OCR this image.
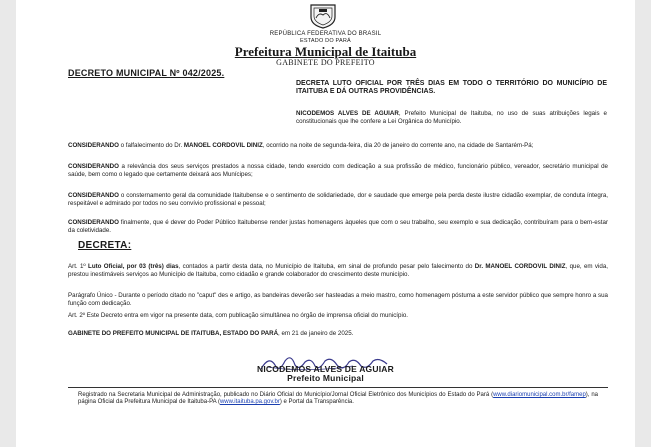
REPÚBLICA FEDERATIVA DO BRASIL
ESTADO DO PARÁ
Prefeitura Municipal de Itaituba
GABINETE DO PREFEITO
DECRETO MUNICIPAL Nº 042/2025.
DECRETA LUTO OFICIAL POR TRÊS DIAS EM TODO O TERRITÓRIO DO MUNICÍPIO DE ITAITUBA E DÁ OUTRAS PROVIDÊNCIAS.
NICODEMOS ALVES DE AGUIAR, Prefeito Municipal de Itaituba, no uso de suas atribuições legais e constitucionais que lhe confere a Lei Orgânica do Município.
CONSIDERANDO o falfalecimento do Dr. MANOEL CORDOVIL DINIZ, ocorrido na noite de segunda-feira, dia 20 de janeiro do corrente ano, na cidade de Santarém-Pá;
CONSIDERANDO a relevância dos seus serviços prestados a nossa cidade, tendo exercido com dedicação a sua profissão de médico, funcionário público, vereador, secretário municipal de saúde, bem como o legado que certamente deixará aos Munícipes;
CONSIDERANDO o consternamento geral da comunidade Itaitubense e o sentimento de solidariedade, dor e saudade que emerge pela perda deste ilustre cidadão exemplar, de conduta íntegra, respeitável e admirado por todos no seu convívio profissional e pessoal;
CONSIDERANDO finalmente, que é dever do Poder Público Itaitubense render justas homenagens àqueles que com o seu trabalho, seu exemplo e sua dedicação, contribuíram para o bem-estar da coletividade.
DECRETA:
Art. 1º Luto Oficial, por 03 (três) dias, contados a partir desta data, no Município de Itaituba, em sinal de profundo pesar pelo falecimento do Dr. MANOEL CORDOVIL DINIZ, que, em vida, prestou inestimáveis serviços ao Município de Itaituba, como cidadão e grande colaborador do crescimento deste município.
Parágrafo Único - Durante o período citado no "caput" des e artigo, as bandeiras deverão ser hasteadas a meio mastro, como homenagem póstuma a este servidor público que sempre honro a sua função com dedicação.
Art. 2º Este Decreto entra em vigor na presente data, com publicação simultânea no órgão de imprensa oficial do município.
GABINETE DO PREFEITO MUNICIPAL DE ITAITUBA, ESTADO DO PARÁ, em 21 de janeiro de 2025.
NICODEMOS ALVES DE AGUIAR
Prefeito Municipal
Registrado na Secretaria Municipal de Administração, publicado no Diário Oficial do Município/Jornal Oficial Eletrônico dos Municípios do Estado do Pará (www.diariomunicipal.com.br/famep), na página Oficial da Prefeitura Municipal de Itaituba-PA (www.itaituba.pa.gov.br) e Portal da Transparência.
